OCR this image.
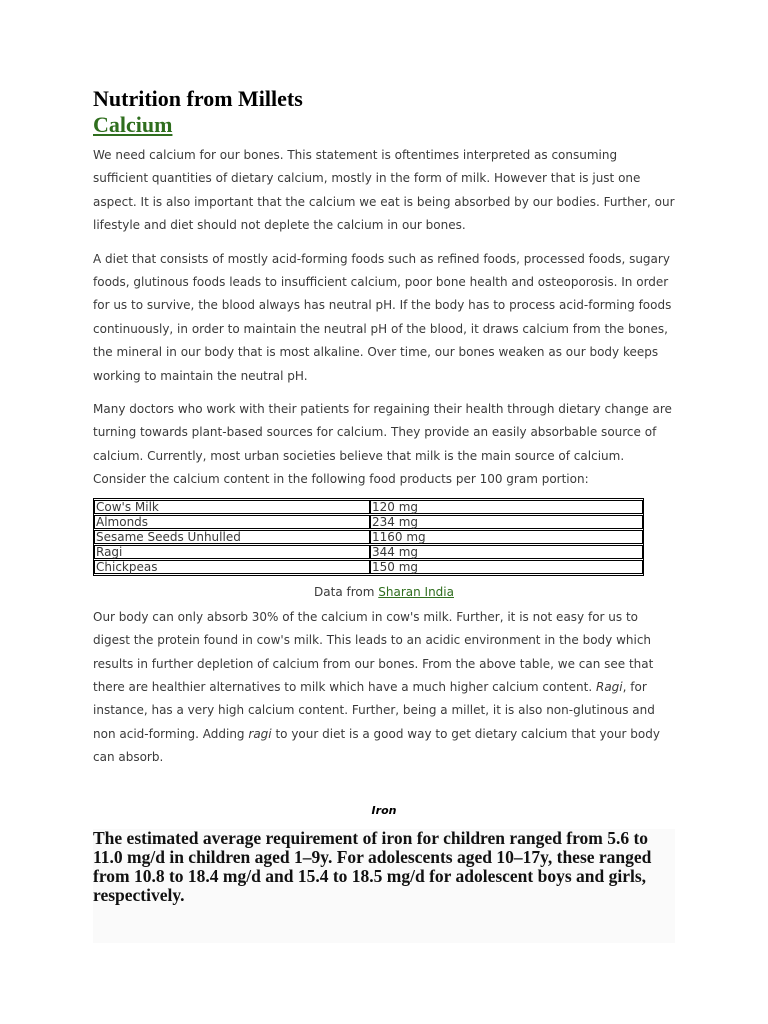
Nutrition from Millets
Calcium

We need calcium for our bones. This statement is oftentimes interpreted as consuming sufficient quantities of dietary calcium, mostly in the form of milk. However that is just one aspect. It is also important that the calcium we eat is being absorbed by our bodies. Further, our lifestyle and diet should not deplete the calcium in our bones.

A diet that consists of mostly acid-forming foods such as refined foods, processed foods, sugary foods, glutinous foods leads to insufficient calcium, poor bone health and osteoporosis. In order for us to survive, the blood always has neutral pH. If the body has to process acid-forming foods continuously, in order to maintain the neutral pH of the blood, it draws calcium from the bones, the mineral in our body that is most alkaline. Over time, our bones weaken as our body keeps working to maintain the neutral pH.

Many doctors who work with their patients for regaining their health through dietary change are turning towards plant-based sources for calcium. They provide an easily absorbable source of calcium. Currently, most urban societies believe that milk is the main source of calcium. Consider the calcium content in the following food products per 100 gram portion:

Cow's Milk	120 mg
Almonds	234 mg
Sesame Seeds Unhulled	1160 mg
Ragi	344 mg
Chickpeas	150 mg
Data from Sharan India

Our body can only absorb 30% of the calcium in cow's milk. Further, it is not easy for us to digest the protein found in cow's milk. This leads to an acidic environment in the body which results in further depletion of calcium from our bones. From the above table, we can see that there are healthier alternatives to milk which have a much higher calcium content. Ragi, for instance, has a very high calcium content. Further, being a millet, it is also non-glutinous and non acid-forming. Adding ragi to your diet is a good way to get dietary calcium that your body can absorb.

Iron
The estimated average requirement of iron for children ranged from 5.6 to 11.0 mg/d in children aged 1–9y. For adolescents aged 10–17y, these ranged from 10.8 to 18.4 mg/d and 15.4 to 18.5 mg/d for adolescent boys and girls, respectively.
